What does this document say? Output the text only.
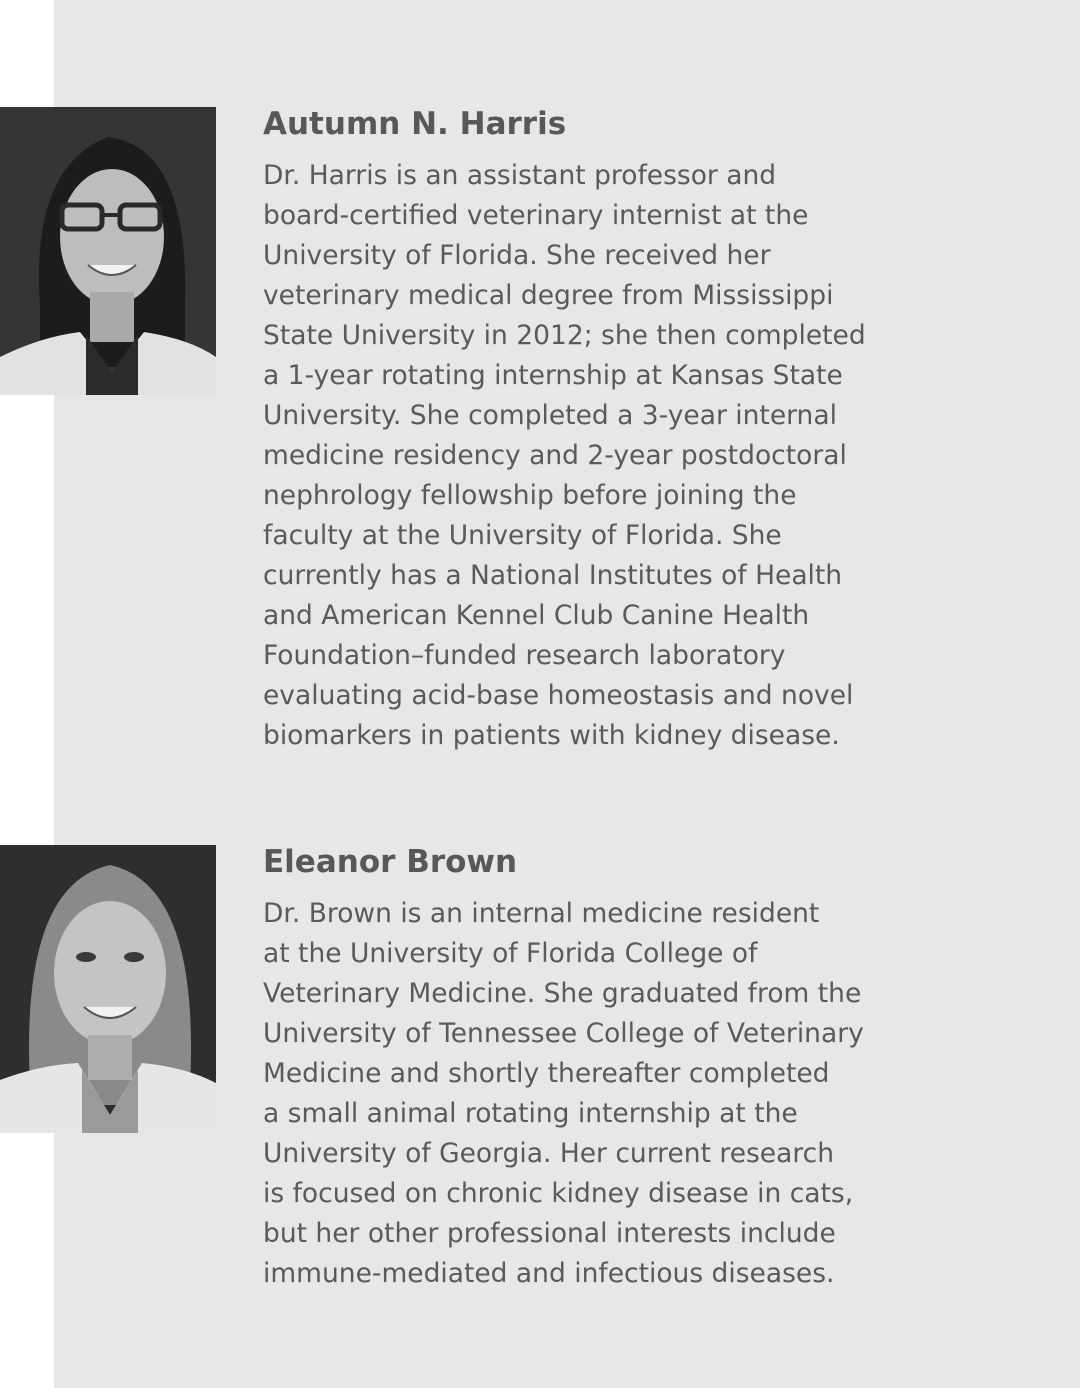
Autumn N. Harris
Dr. Harris is an assistant professor and
board-certified veterinary internist at the
University of Florida. She received her
veterinary medical degree from Mississippi
State University in 2012; she then completed
a 1-year rotating internship at Kansas State
University. She completed a 3-year internal
medicine residency and 2-year postdoctoral
nephrology fellowship before joining the
faculty at the University of Florida. She
currently has a National Institutes of Health
and American Kennel Club Canine Health
Foundation–funded research laboratory
evaluating acid-base homeostasis and novel
biomarkers in patients with kidney disease.
Eleanor Brown
Dr. Brown is an internal medicine resident
at the University of Florida College of
Veterinary Medicine. She graduated from the
University of Tennessee College of Veterinary
Medicine and shortly thereafter completed
a small animal rotating internship at the
University of Georgia. Her current research
is focused on chronic kidney disease in cats,
but her other professional interests include
immune-mediated and infectious diseases.
